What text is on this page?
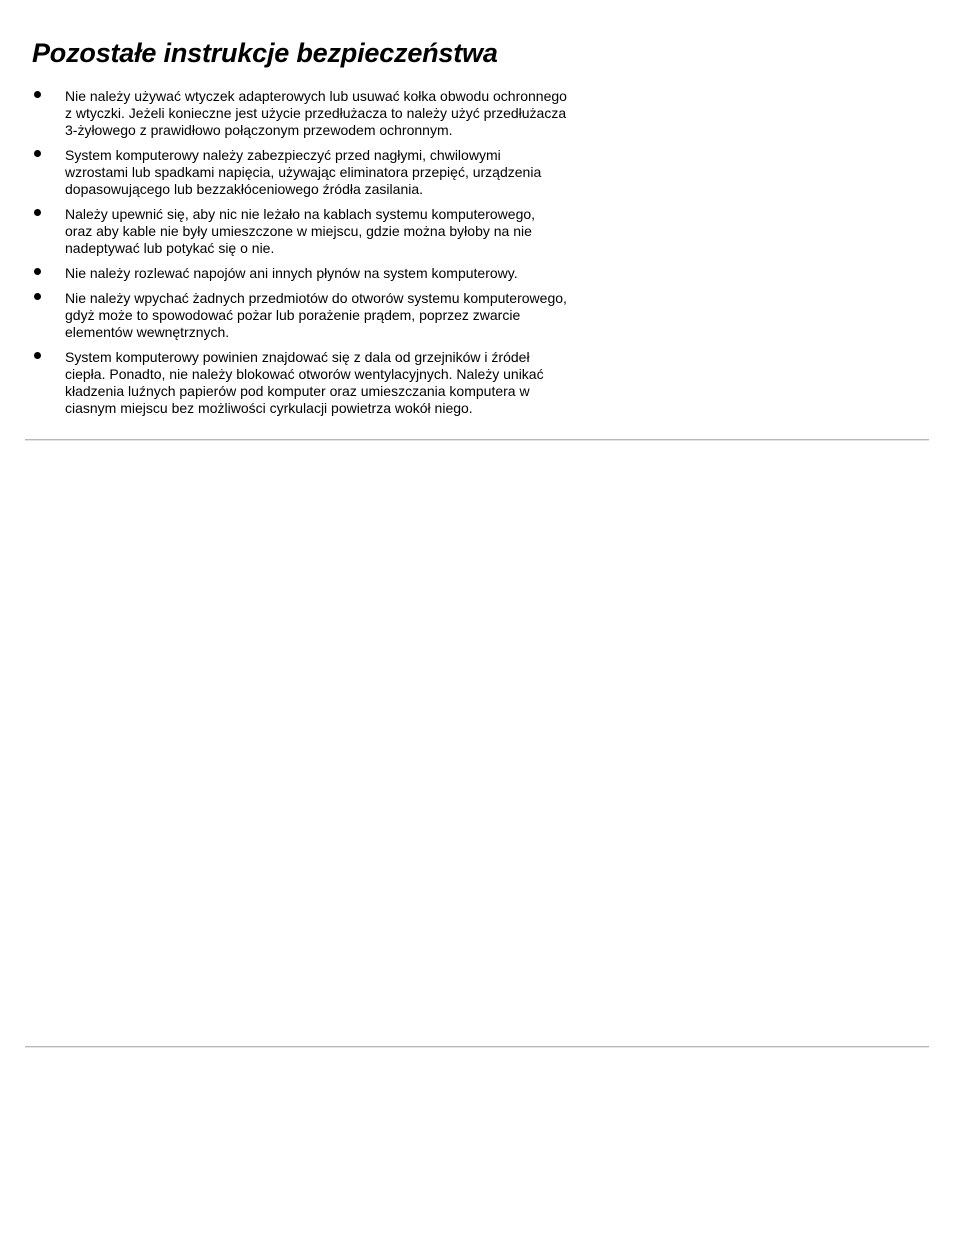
Pozostałe instrukcje bezpieczeństwa
Nie należy używać wtyczek adapterowych lub usuwać kołka obwodu ochronnego
z wtyczki. Jeżeli konieczne jest użycie przedłużacza to należy użyć przedłużacza
3-żyłowego z prawidłowo połączonym przewodem ochronnym.
System komputerowy należy zabezpieczyć przed nagłymi, chwilowymi
wzrostami lub spadkami napięcia, używając eliminatora przepięć, urządzenia
dopasowującego lub bezzakłóceniowego źródła zasilania.
Należy upewnić się, aby nic nie leżało na kablach systemu komputerowego,
oraz aby kable nie były umieszczone w miejscu, gdzie można byłoby na nie
nadeptywać lub potykać się o nie.
Nie należy rozlewać napojów ani innych płynów na system komputerowy.
Nie należy wpychać żadnych przedmiotów do otworów systemu komputerowego,
gdyż może to spowodować pożar lub porażenie prądem, poprzez zwarcie
elementów wewnętrznych.
System komputerowy powinien znajdować się z dala od grzejników i źródeł
ciepła. Ponadto, nie należy blokować otworów wentylacyjnych. Należy unikać
kładzenia luźnych papierów pod komputer oraz umieszczania komputera w
ciasnym miejscu bez możliwości cyrkulacji powietrza wokół niego.
